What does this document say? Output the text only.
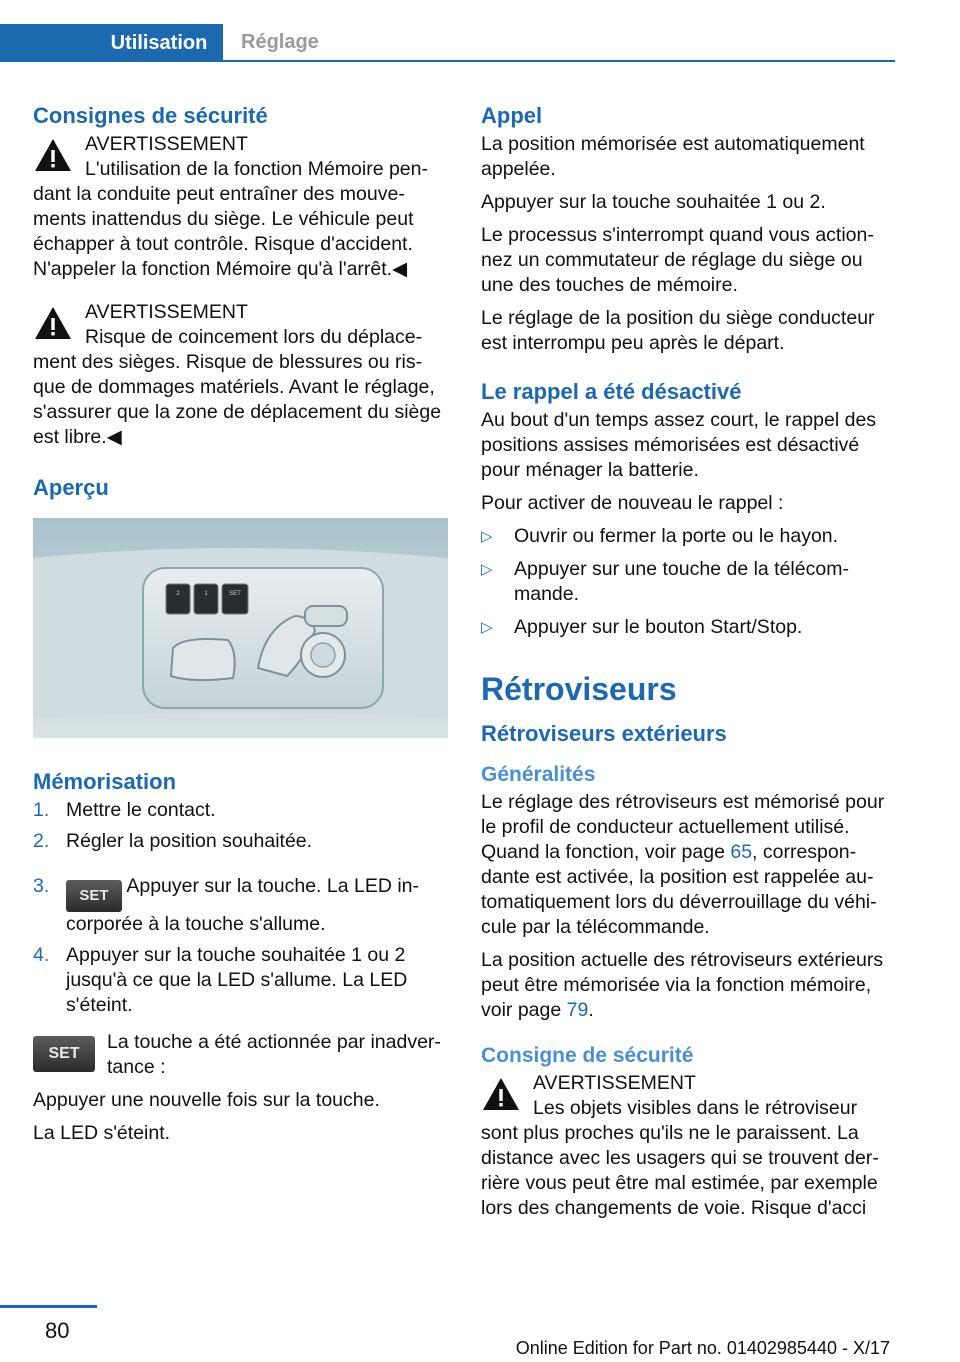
Utilisation Réglage
Consignes de sécurité
AVERTISSEMENT
L'utilisation de la fonction Mémoire pendant la conduite peut entraîner des mouvements inattendus du siège. Le véhicule peut échapper à tout contrôle. Risque d'accident. N'appeler la fonction Mémoire qu'à l'arrêt.◀
AVERTISSEMENT
Risque de coincement lors du déplacement des sièges. Risque de blessures ou risque de dommages matériels. Avant le réglage, s'assurer que la zone de déplacement du siège est libre.◀
Aperçu
2	1	SET
Mémorisation
1. Mettre le contact.
2. Régler la position souhaitée.
3.	SET Appuyer sur la touche. La LED incorporée à la touche s'allume.
4. Appuyer sur la touche souhaitée 1 ou 2 jusqu'à ce que la LED s'allume. La LED s'éteint.
SET
La touche a été actionnée par inadvertance :

Appuyer une nouvelle fois sur la touche.

La LED s'éteint.

Appel

La position mémorisée est automatiquement appelée.

Appuyer sur la touche souhaitée 1 ou 2.

Le processus s'interrompt quand vous actionnez un commutateur de réglage du siège ou une des touches de mémoire.

Le réglage de la position du siège conducteur est interrompu peu après le départ.

Le rappel a été désactivé

Au bout d'un temps assez court, le rappel des positions assises mémorisées est désactivé pour ménager la batterie.

Pour activer de nouveau le rappel :

▷	Ouvrir ou fermer la porte ou le hayon.
▷	Appuyer sur une touche de la télécommande.
▷	Appuyer sur le bouton Start/Stop.
Rétroviseurs
Rétroviseurs extérieurs
Généralités

Le réglage des rétroviseurs est mémorisé pour le profil de conducteur actuellement utilisé. Quand la fonction, voir page 65, correspondante est activée, la position est rappelée automatiquement lors du déverrouillage du véhicule par la télécommande.

La position actuelle des rétroviseurs extérieurs peut être mémorisée via la fonction mémoire, voir page 79.

Consigne de sécurité
AVERTISSEMENT
Les objets visibles dans le rétroviseur sont plus proches qu'ils ne le paraissent. La distance avec les usagers qui se trouvent derrière vous peut être mal estimée, par exemple lors des changements de voie. Risque d'acci
80
Online Edition for Part no. 01402985440 - X/17
